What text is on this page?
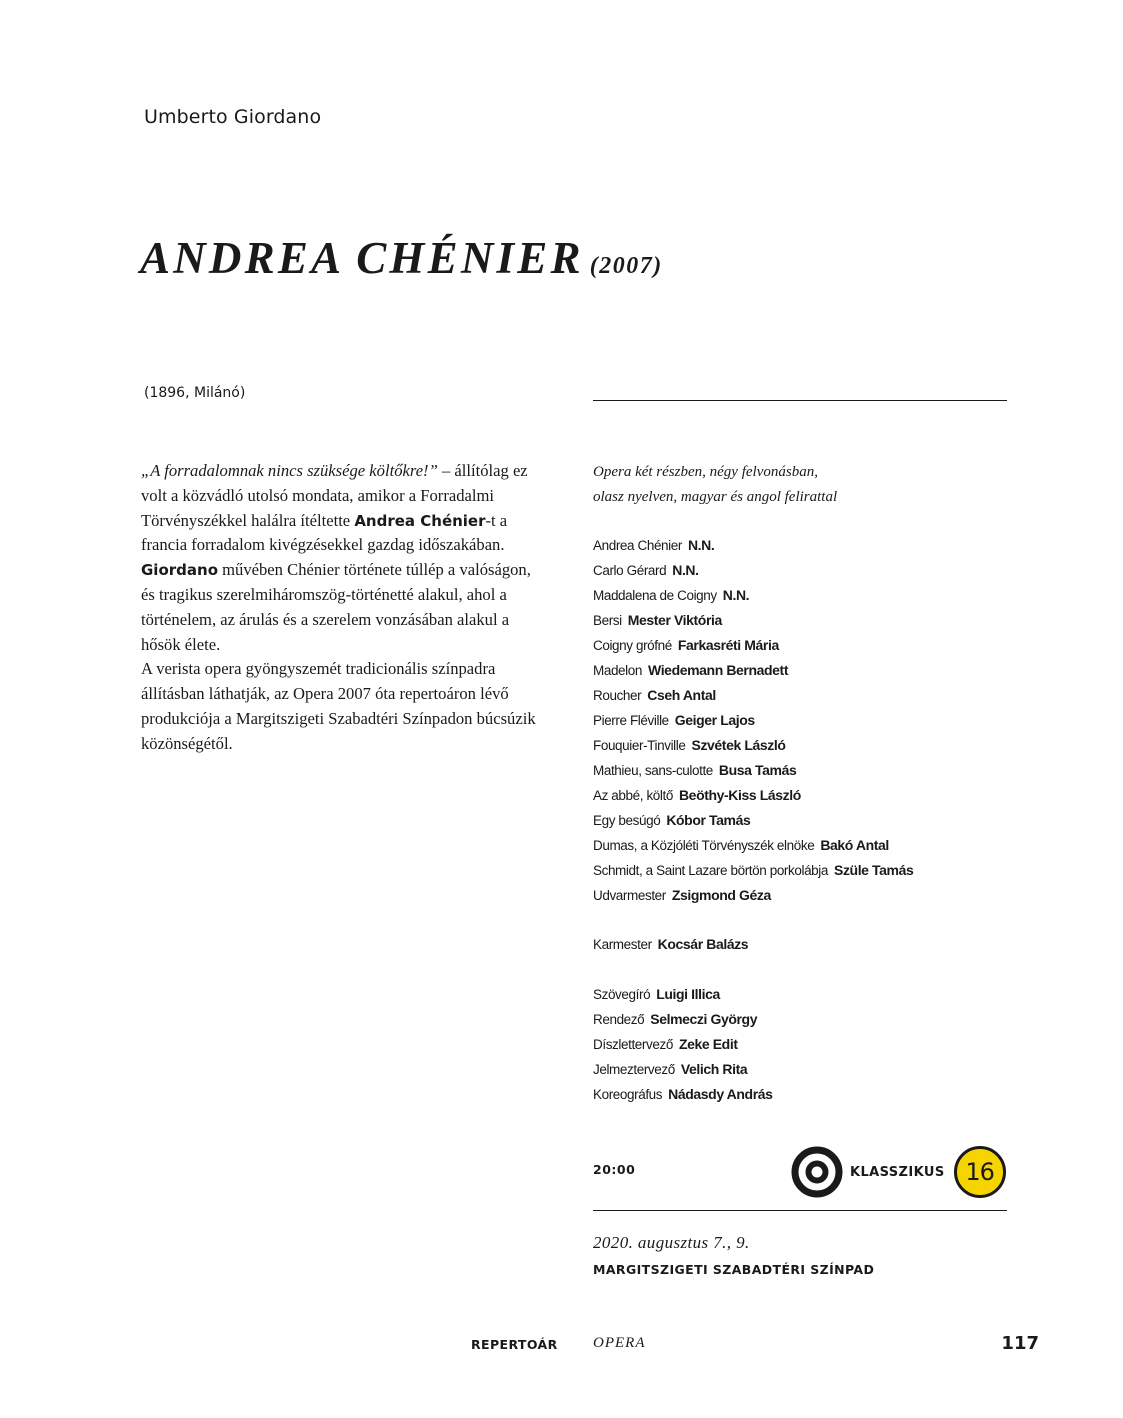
Umberto Giordano
ANDREA CHÉNIER (2007)
(1896, Milánó)

„A forradalomnak nincs szüksége költőkre!” – állítólag ez volt a közvádló utolsó mondata, amikor a Forradalmi Törvényszékkel halálra ítéltette Andrea Chénier-t a francia forradalom kivégzésekkel gazdag időszakában. Giordano művében Chénier története túllép a valóságon, és tragikus szerelmiháromszög-történetté alakul, ahol a történelem, az árulás és a szerelem vonzásában alakul a hősök élete.

A verista opera gyöngyszemét tradicionális színpadra állításban láthatják, az Opera 2007 óta repertoáron lévő produkciója a Margitszigeti Szabadtéri Színpadon búcsúzik közönségétől.

Opera két részben, négy felvonásban,
olasz nyelven, magyar és angol felirattal
Andrea Chénier N.N.
Carlo Gérard N.N.
Maddalena de Coigny N.N.
Bersi Mester Viktória
Coigny grófné Farkasréti Mária
Madelon Wiedemann Bernadett
Roucher Cseh Antal
Pierre Fléville Geiger Lajos
Fouquier-Tinville Szvétek László
Mathieu, sans-culotte Busa Tamás
Az abbé, költő Beöthy-Kiss László
Egy besúgó Kóbor Tamás
Dumas, a Közjóléti Törvényszék elnöke Bakó Antal
Schmidt, a Saint Lazare börtön porkolábja Szüle Tamás
Udvarmester Zsigmond Géza
Karmester Kocsár Balázs
Szövegíró Luigi Illica
Rendező Selmeczi György
Díszlettervező Zeke Edit
Jelmeztervező Velich Rita
Koreográfus Nádasdy András
20:00	KLASSZIKUS 16
2020. augusztus 7., 9.
MARGITSZIGETI SZABADTÉRI SZÍNPAD
REPERTOÁR OPERA	117
